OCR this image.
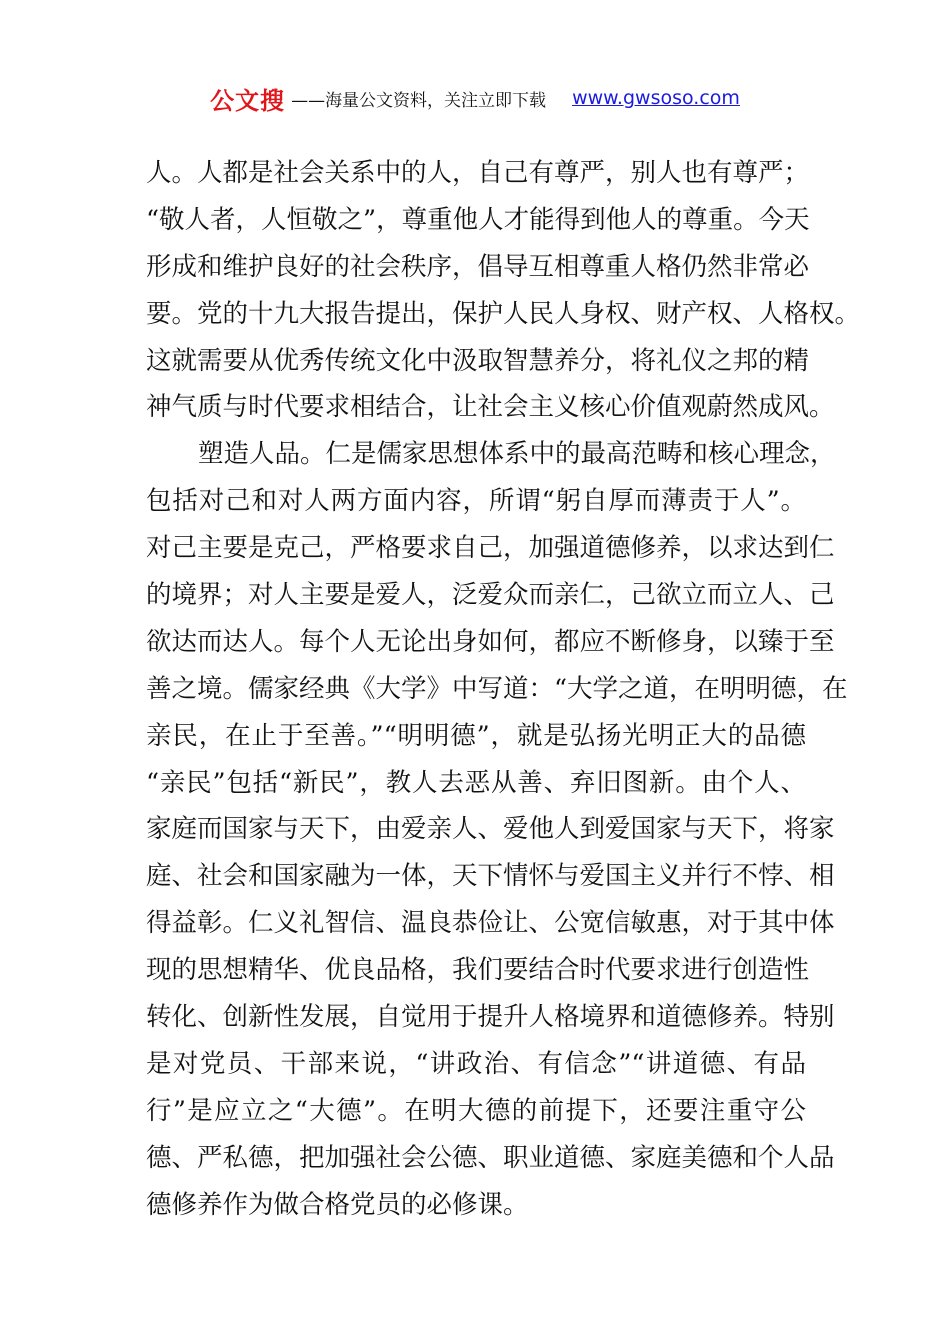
公文搜 ——海量公文资料，关注立即下载 www.gwsoso.com
人。人都是社会关系中的人，自己有尊严，别人也有尊严；
“敬人者，人恒敬之”，尊重他人才能得到他人的尊重。今天
形成和维护良好的社会秩序，倡导互相尊重人格仍然非常必
要。党的十九大报告提出，保护人民人身权、财产权、人格权。
这就需要从优秀传统文化中汲取智慧养分，将礼仪之邦的精
神气质与时代要求相结合，让社会主义核心价值观蔚然成风。
塑造人品。仁是儒家思想体系中的最高范畴和核心理念，
包括对己和对人两方面内容，所谓“躬自厚而薄责于人”。
对己主要是克己，严格要求自己，加强道德修养，以求达到仁
的境界；对人主要是爱人，泛爱众而亲仁，己欲立而立人、己
欲达而达人。每个人无论出身如何，都应不断修身，以臻于至
善之境。儒家经典《大学》中写道：“大学之道，在明明德，在
亲民，在止于至善。”“明明德”，就是弘扬光明正大的品德
“亲民”包括“新民”，教人去恶从善、弃旧图新。由个人、
家庭而国家与天下，由爱亲人、爱他人到爱国家与天下，将家
庭、社会和国家融为一体，天下情怀与爱国主义并行不悖、相
得益彰。仁义礼智信、温良恭俭让、公宽信敏惠，对于其中体
现的思想精华、优良品格，我们要结合时代要求进行创造性
转化、创新性发展，自觉用于提升人格境界和道德修养。特别
是对党员、干部来说，“讲政治、有信念”“讲道德、有品
行”是应立之“大德”。在明大德的前提下，还要注重守公
德、严私德，把加强社会公德、职业道德、家庭美德和个人品
德修养作为做合格党员的必修课。
